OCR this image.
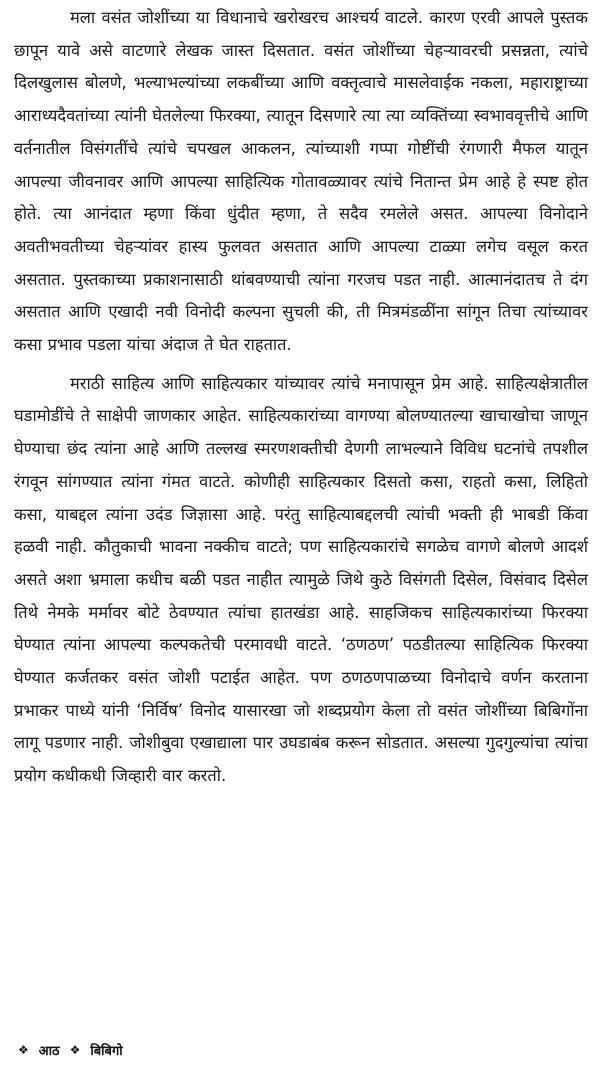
मला वसंत जोशींच्या या विधानाचे खरोखरच आश्चर्य वाटले. कारण एरवी आपले पुस्तक छापून यावे असे वाटणारे लेखक जास्त दिसतात. वसंत जोशींच्या चेहऱ्यावरची प्रसन्नता, त्यांचे दिलखुलास बोलणे, भल्याभल्यांच्या लकबींच्या आणि वक्तृत्वाचे मासलेवाईक नकला, महाराष्ट्राच्या आराध्यदैवतांच्या त्यांनी घेतलेल्या फिरक्या, त्यातून दिसणारे त्या त्या व्यक्तिंच्या स्वभाववृत्तीचे आणि वर्तनातील विसंगतींचे त्यांचे चपखल आकलन, त्यांच्याशी गप्पा गोष्टींची रंगणारी मैफल यातून आपल्या जीवनावर आणि आपल्या साहित्यिक गोतावळ्यावर त्यांचे नितान्त प्रेम आहे हे स्पष्ट होत होते. त्या आनंदात म्हणा किंवा धुंदीत म्हणा, ते सदैव रमलेले असत. आपल्या विनोदाने अवतीभवतीच्या चेहऱ्यांवर हास्य फुलवत असतात आणि आपल्या टाळ्या लगेच वसूल करत असतात. पुस्तकाच्या प्रकाशनासाठी थांबवण्याची त्यांना गरजच पडत नाही. आत्मानंदातच ते दंग असतात आणि एखादी नवी विनोदी कल्पना सुचली की, ती मित्रमंडळींना सांगून तिचा त्यांच्यावर कसा प्रभाव पडला यांचा अंदाज ते घेत राहतात.

मराठी साहित्य आणि साहित्यकार यांच्यावर त्यांचे मनापासून प्रेम आहे. साहित्यक्षेत्रातील घडामोडींचे ते साक्षेपी जाणकार आहेत. साहित्यकारांच्या वागण्या बोलण्यातल्या खाचाखोचा जाणून घेण्याचा छंद त्यांना आहे आणि तल्लख स्मरणशक्तीची देणगी लाभल्याने विविध घटनांचे तपशील रंगवून सांगण्यात त्यांना गंमत वाटते. कोणीही साहित्यकार दिसतो कसा, राहतो कसा, लिहितो कसा, याबद्दल त्यांना उदंड जिज्ञासा आहे. परंतु साहित्याबद्दलची त्यांची भक्ती ही भाबडी किंवा हळवी नाही. कौतुकाची भावना नक्कीच वाटते; पण साहित्यकारांचे सगळेच वागणे बोलणे आदर्श असते अशा भ्रमाला कधीच बळी पडत नाहीत त्यामुळे जिथे कुठे विसंगती दिसेल, विसंवाद दिसेल तिथे नेमके मर्मावर बोटे ठेवण्यात त्यांचा हातखंडा आहे. साहजिकच साहित्यकारांच्या फिरक्या घेण्यात त्यांना आपल्या कल्पकतेची परमावधी वाटते. ‘ठणठण’ पठडीतल्या साहित्यिक फिरक्या घेण्यात कर्जतकर वसंत जोशी पटाईत आहेत. पण ठणठणपाळच्या विनोदाचे वर्णन करताना प्रभाकर पाध्ये यांनी ‘निर्विष’ विनोद यासारखा जो शब्दप्रयोग केला तो वसंत जोशींच्या बिबिगोंना लागू पडणार नाही. जोशीबुवा एखाद्याला पार उघडाबंब करून सोडतात. असल्या गुदगुल्यांचा त्यांचा प्रयोग कधीकधी जिव्हारी वार करतो.

❖ आठ ❖ बिबिगो
